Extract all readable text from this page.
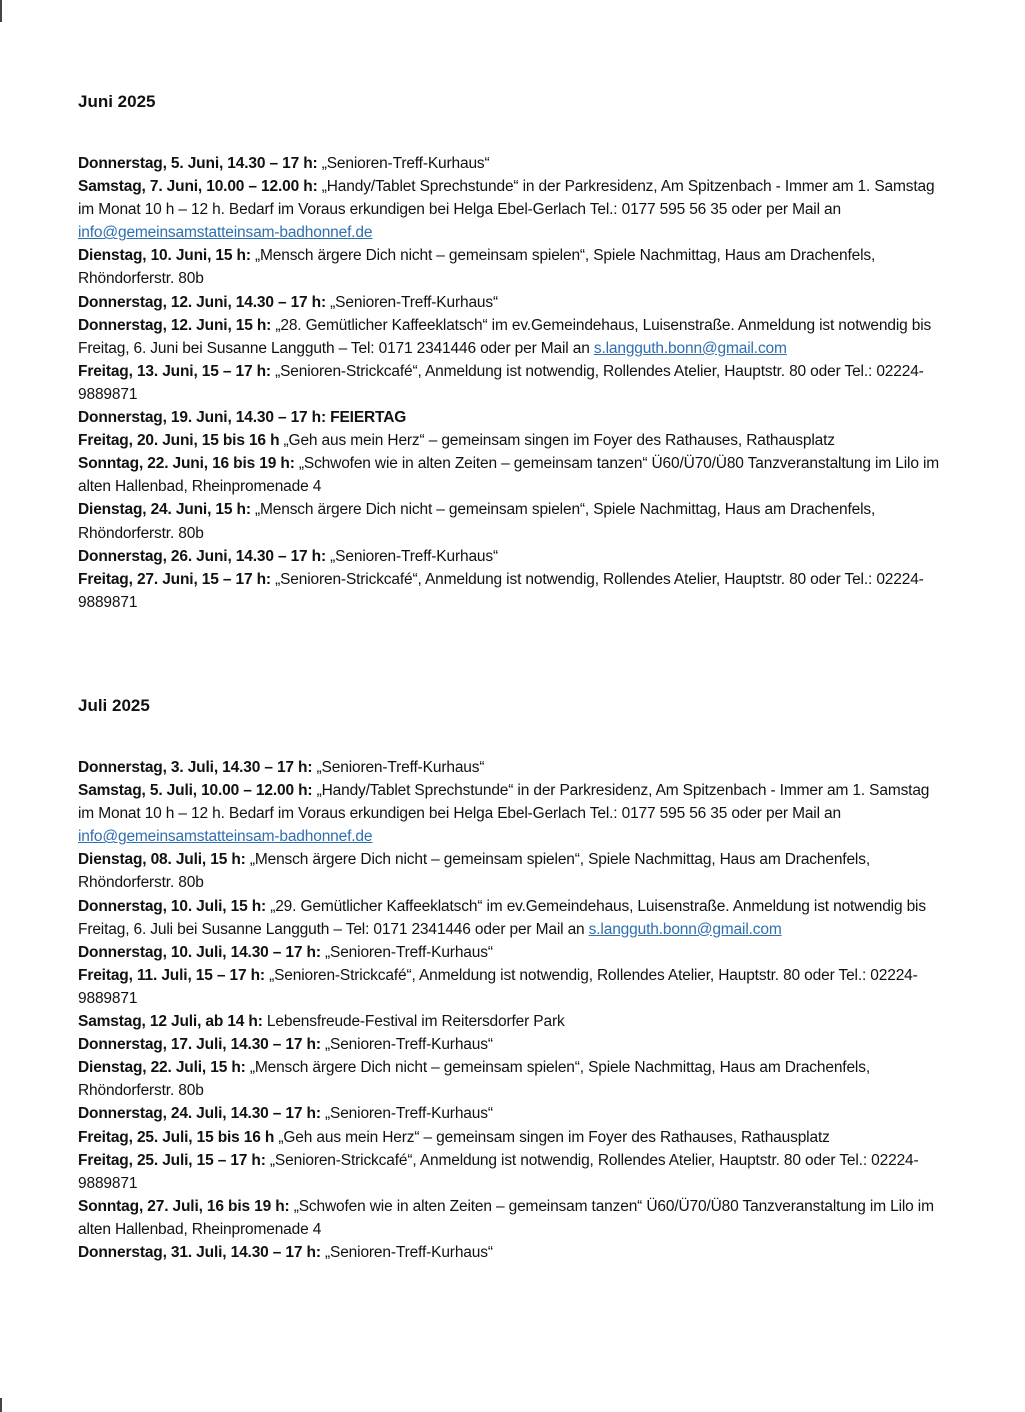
Juni 2025

Donnerstag, 5. Juni, 14.30 – 17 h: „Senioren-Treff-Kurhaus“

Samstag, 7. Juni, 10.00 – 12.00 h: „Handy/Tablet Sprechstunde“ in der Parkresidenz, Am Spitzenbach - Immer am 1. Samstag im Monat 10 h – 12 h. Bedarf im Voraus erkundigen bei Helga Ebel-Gerlach Tel.: 0177 595 56 35 oder per Mail an info@gemeinsamstatteinsam-badhonnef.de

Dienstag, 10. Juni, 15 h: „Mensch ärgere Dich nicht – gemeinsam spielen“, Spiele Nachmittag, Haus am Drachenfels, Rhöndorferstr. 80b

Donnerstag, 12. Juni, 14.30 – 17 h: „Senioren-Treff-Kurhaus“

Donnerstag, 12. Juni, 15 h: „28. Gemütlicher Kaffeeklatsch“ im ev.Gemeindehaus, Luisenstraße. Anmeldung ist notwendig bis Freitag, 6. Juni bei Susanne Langguth – Tel: 0171 2341446 oder per Mail an s.langguth.bonn@gmail.com

Freitag, 13. Juni, 15 – 17 h: „Senioren-Strickcafé“, Anmeldung ist notwendig, Rollendes Atelier, Hauptstr. 80 oder Tel.: 02224-9889871

Donnerstag, 19. Juni, 14.30 – 17 h: FEIERTAG

Freitag, 20. Juni, 15 bis 16 h „Geh aus mein Herz“ – gemeinsam singen im Foyer des Rathauses, Rathausplatz

Sonntag, 22. Juni, 16 bis 19 h: „Schwofen wie in alten Zeiten – gemeinsam tanzen“ Ü60/Ü70/Ü80 Tanzveranstaltung im Lilo im alten Hallenbad, Rheinpromenade 4

Dienstag, 24. Juni, 15 h: „Mensch ärgere Dich nicht – gemeinsam spielen“, Spiele Nachmittag, Haus am Drachenfels, Rhöndorferstr. 80b

Donnerstag, 26. Juni, 14.30 – 17 h: „Senioren-Treff-Kurhaus“

Freitag, 27. Juni, 15 – 17 h: „Senioren-Strickcafé“, Anmeldung ist notwendig, Rollendes Atelier, Hauptstr. 80 oder Tel.: 02224-9889871

Juli 2025

Donnerstag, 3. Juli, 14.30 – 17 h: „Senioren-Treff-Kurhaus“

Samstag, 5. Juli, 10.00 – 12.00 h: „Handy/Tablet Sprechstunde“ in der Parkresidenz, Am Spitzenbach - Immer am 1. Samstag im Monat 10 h – 12 h. Bedarf im Voraus erkundigen bei Helga Ebel-Gerlach Tel.: 0177 595 56 35 oder per Mail an info@gemeinsamstatteinsam-badhonnef.de

Dienstag, 08. Juli, 15 h: „Mensch ärgere Dich nicht – gemeinsam spielen“, Spiele Nachmittag, Haus am Drachenfels, Rhöndorferstr. 80b

Donnerstag, 10. Juli, 15 h: „29. Gemütlicher Kaffeeklatsch“ im ev.Gemeindehaus, Luisenstraße. Anmeldung ist notwendig bis Freitag, 6. Juli bei Susanne Langguth – Tel: 0171 2341446 oder per Mail an s.langguth.bonn@gmail.com

Donnerstag, 10. Juli, 14.30 – 17 h: „Senioren-Treff-Kurhaus“

Freitag, 11. Juli, 15 – 17 h: „Senioren-Strickcafé“, Anmeldung ist notwendig, Rollendes Atelier, Hauptstr. 80 oder Tel.: 02224-9889871

Samstag, 12 Juli, ab 14 h: Lebensfreude-Festival im Reitersdorfer Park

Donnerstag, 17. Juli, 14.30 – 17 h: „Senioren-Treff-Kurhaus“

Dienstag, 22. Juli, 15 h: „Mensch ärgere Dich nicht – gemeinsam spielen“, Spiele Nachmittag, Haus am Drachenfels, Rhöndorferstr. 80b

Donnerstag, 24. Juli, 14.30 – 17 h: „Senioren-Treff-Kurhaus“

Freitag, 25. Juli, 15 bis 16 h „Geh aus mein Herz“ – gemeinsam singen im Foyer des Rathauses, Rathausplatz

Freitag, 25. Juli, 15 – 17 h: „Senioren-Strickcafé“, Anmeldung ist notwendig, Rollendes Atelier, Hauptstr. 80 oder Tel.: 02224-9889871

Sonntag, 27. Juli, 16 bis 19 h: „Schwofen wie in alten Zeiten – gemeinsam tanzen“ Ü60/Ü70/Ü80 Tanzveranstaltung im Lilo im alten Hallenbad, Rheinpromenade 4

Donnerstag, 31. Juli, 14.30 – 17 h: „Senioren-Treff-Kurhaus“
